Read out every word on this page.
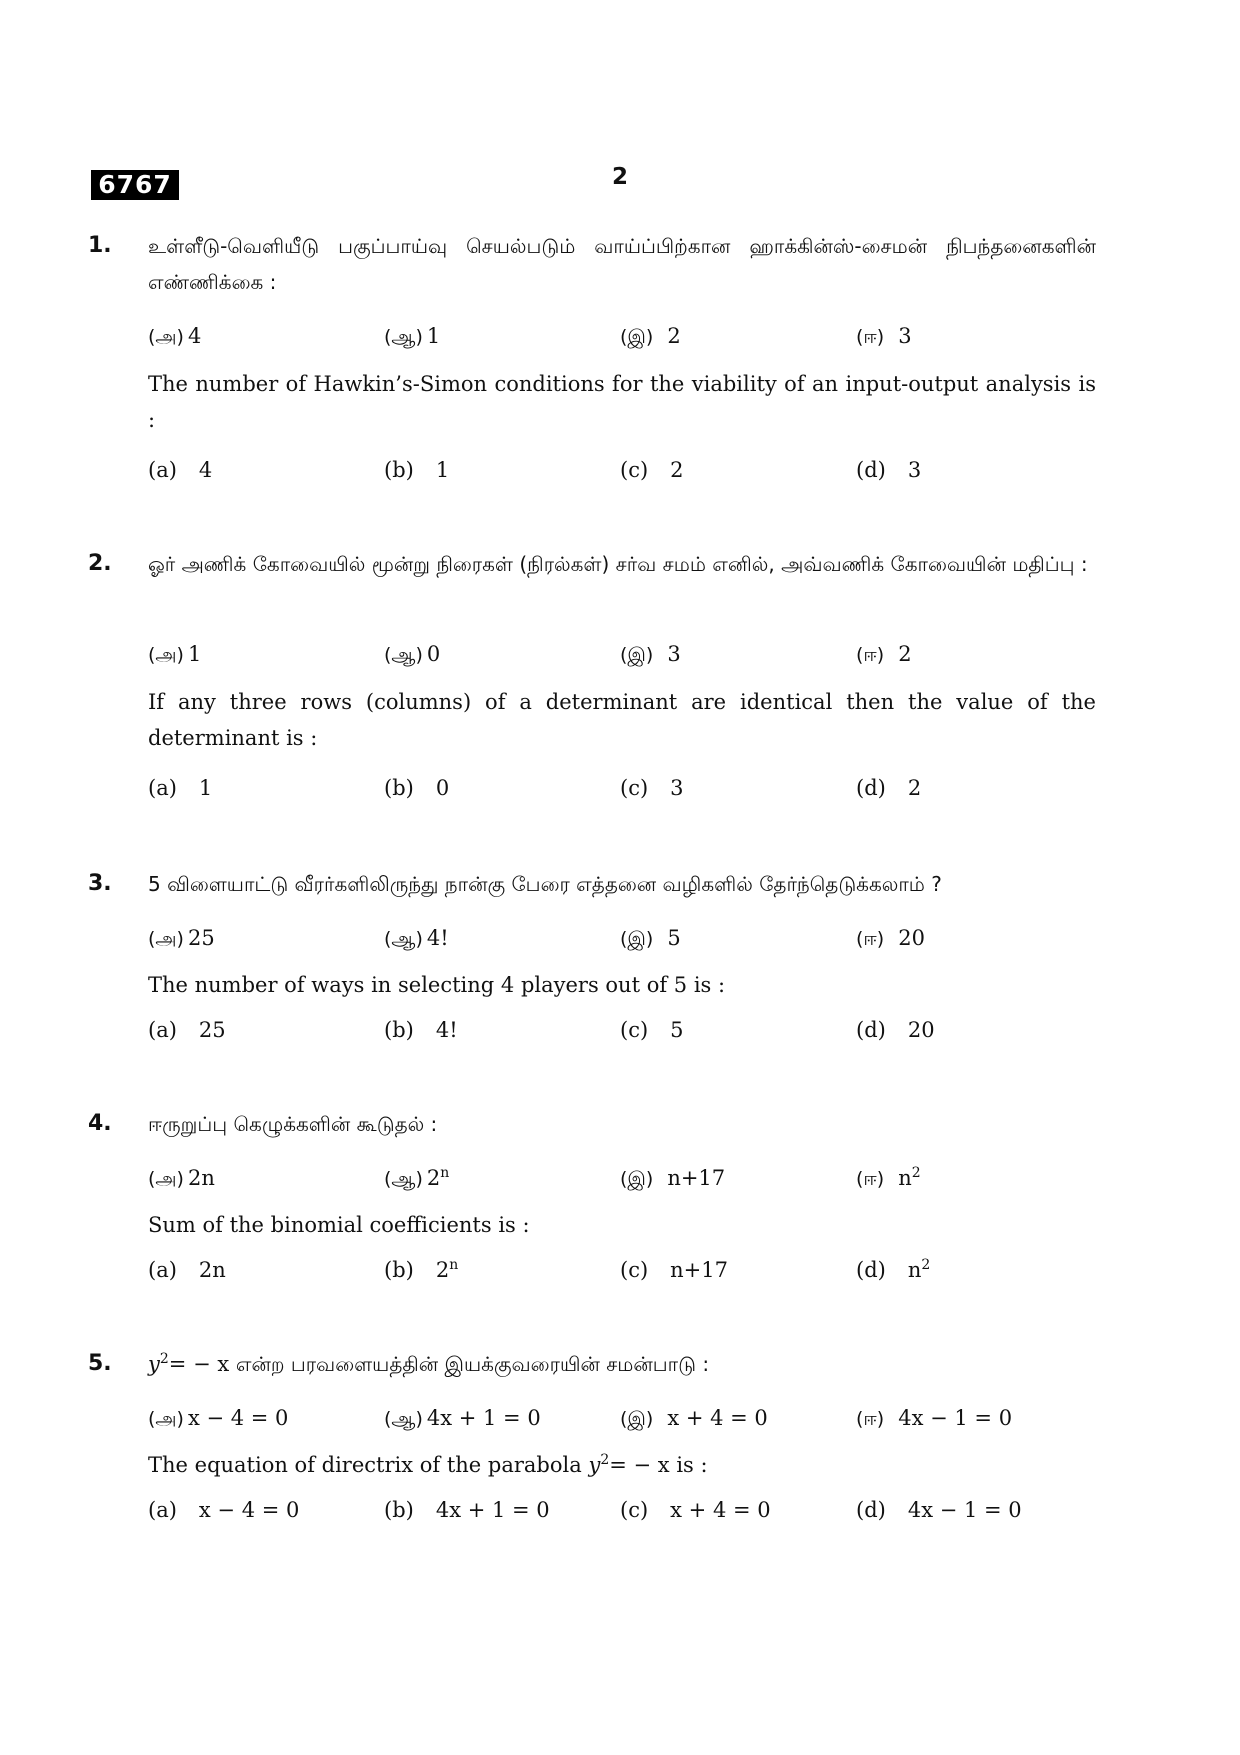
6767	2
1. உள்ளீடு-வெளியீடு பகுப்பாய்வு செயல்படும் வாய்ப்பிற்கான ஹாக்கின்ஸ்-சைமன் நிபந்தனைகளின் எண்ணிக்கை :
(அ) 4	(ஆ) 1	(இ) 2	(ஈ) 3
The number of Hawkin’s-Simon conditions for the viability of an input-output analysis is :
(a) 4	(b) 1	(c) 2	(d) 3
2. ஓர் அணிக் கோவையில் மூன்று நிரைகள் (நிரல்கள்) சர்வ சமம் எனில், அவ்வணிக் கோவையின் மதிப்பு :
(அ) 1	(ஆ) 0	(இ) 3	(ஈ) 2
If any three rows (columns) of a determinant are identical then the value of the determinant is :
(a) 1	(b) 0	(c) 3	(d) 2
3. 5 விளையாட்டு வீரர்களிலிருந்து நான்கு பேரை எத்தனை வழிகளில் தேர்ந்தெடுக்கலாம் ?
(அ) 25	(ஆ) 4!	(இ) 5	(ஈ) 20
The number of ways in selecting 4 players out of 5 is :
(a) 25	(b) 4!	(c) 5	(d) 20
4. ஈருறுப்பு கெழுக்களின் கூடுதல் :
(அ) 2n	(ஆ) 2$^n$	(இ) n+17	(ஈ) $n^2$
Sum of the binomial coefficients is :
(a) 2n	(b) 2$^n$	(c) n+17	(d) $n^2$
5. $y^2= - x$ என்ற பரவளையத்தின் இயக்குவரையின் சமன்பாடு :
(அ) x − 4 = 0	(ஆ) 4x + 1 = 0	(இ) x + 4 = 0	(ஈ) 4x − 1 = 0
The equation of directrix of the parabola $y^2= - x$ is :
(a) x − 4 = 0	(b) 4x + 1 = 0	(c) x + 4 = 0	(d) 4x − 1 = 0
